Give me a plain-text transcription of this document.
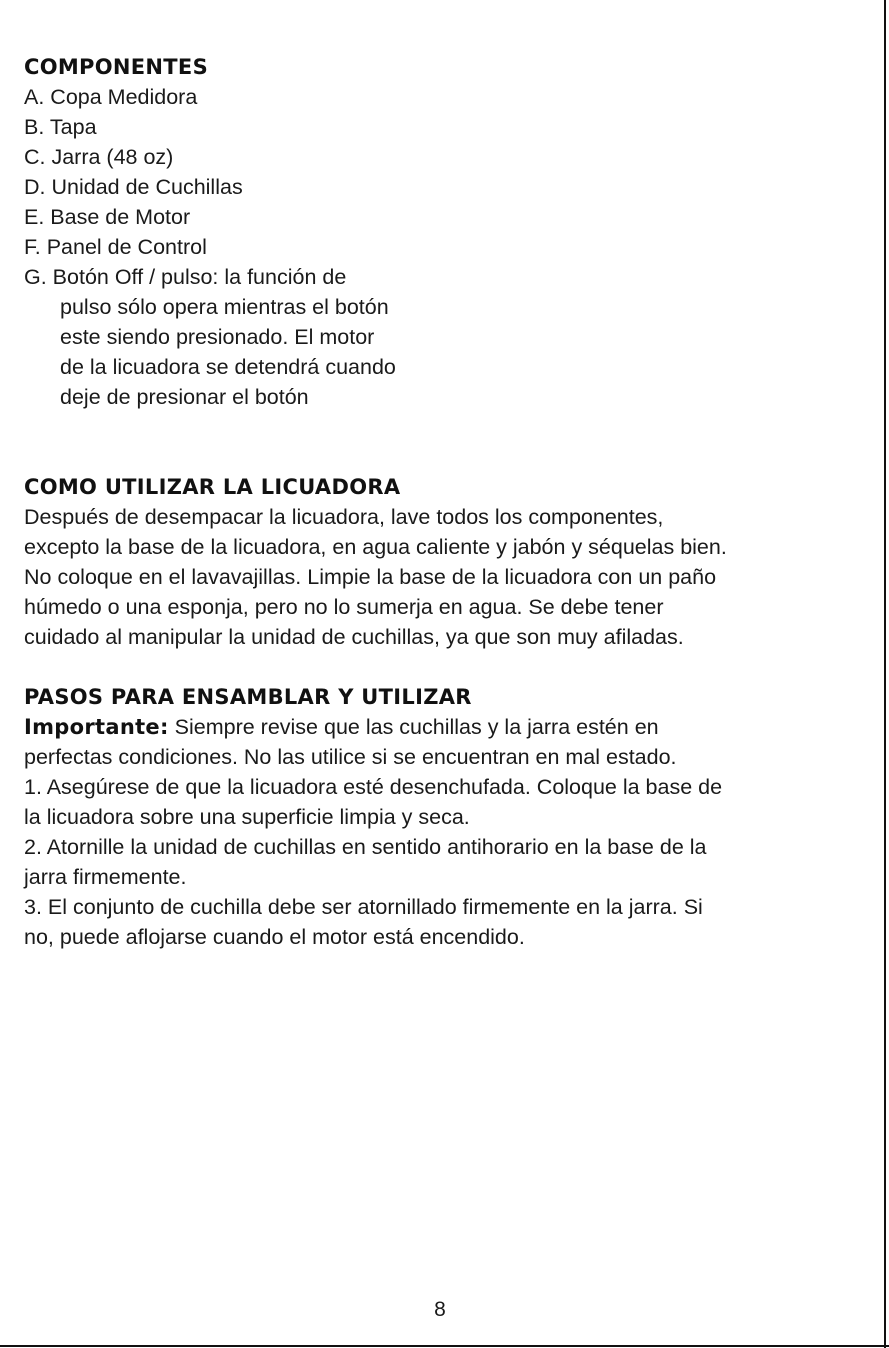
COMPONENTES
A. Copa Medidora
B. Tapa
C. Jarra (48 oz)
D. Unidad de Cuchillas
E. Base de Motor
F. Panel de Control
G. Botón Off / pulso: la función de
pulso sólo opera mientras el botón
este siendo presionado. El motor
de la licuadora se detendrá cuando
deje de presionar el botón
COMO UTILIZAR LA LICUADORA
Después de desempacar la licuadora, lave todos los componentes,
excepto la base de la licuadora, en agua caliente y jabón y séquelas bien.
No coloque en el lavavajillas. Limpie la base de la licuadora con un paño
húmedo o una esponja, pero no lo sumerja en agua. Se debe tener
cuidado al manipular la unidad de cuchillas, ya que son muy afiladas.
PASOS PARA ENSAMBLAR Y UTILIZAR
Importante: Siempre revise que las cuchillas y la jarra estén en
perfectas condiciones. No las utilice si se encuentran en mal estado.
1. Asegúrese de que la licuadora esté desenchufada. Coloque la base de
la licuadora sobre una superficie limpia y seca.
2. Atornille la unidad de cuchillas en sentido antihorario en la base de la
jarra firmemente.
3. El conjunto de cuchilla debe ser atornillado firmemente en la jarra. Si
no, puede aflojarse cuando el motor está encendido.
8
